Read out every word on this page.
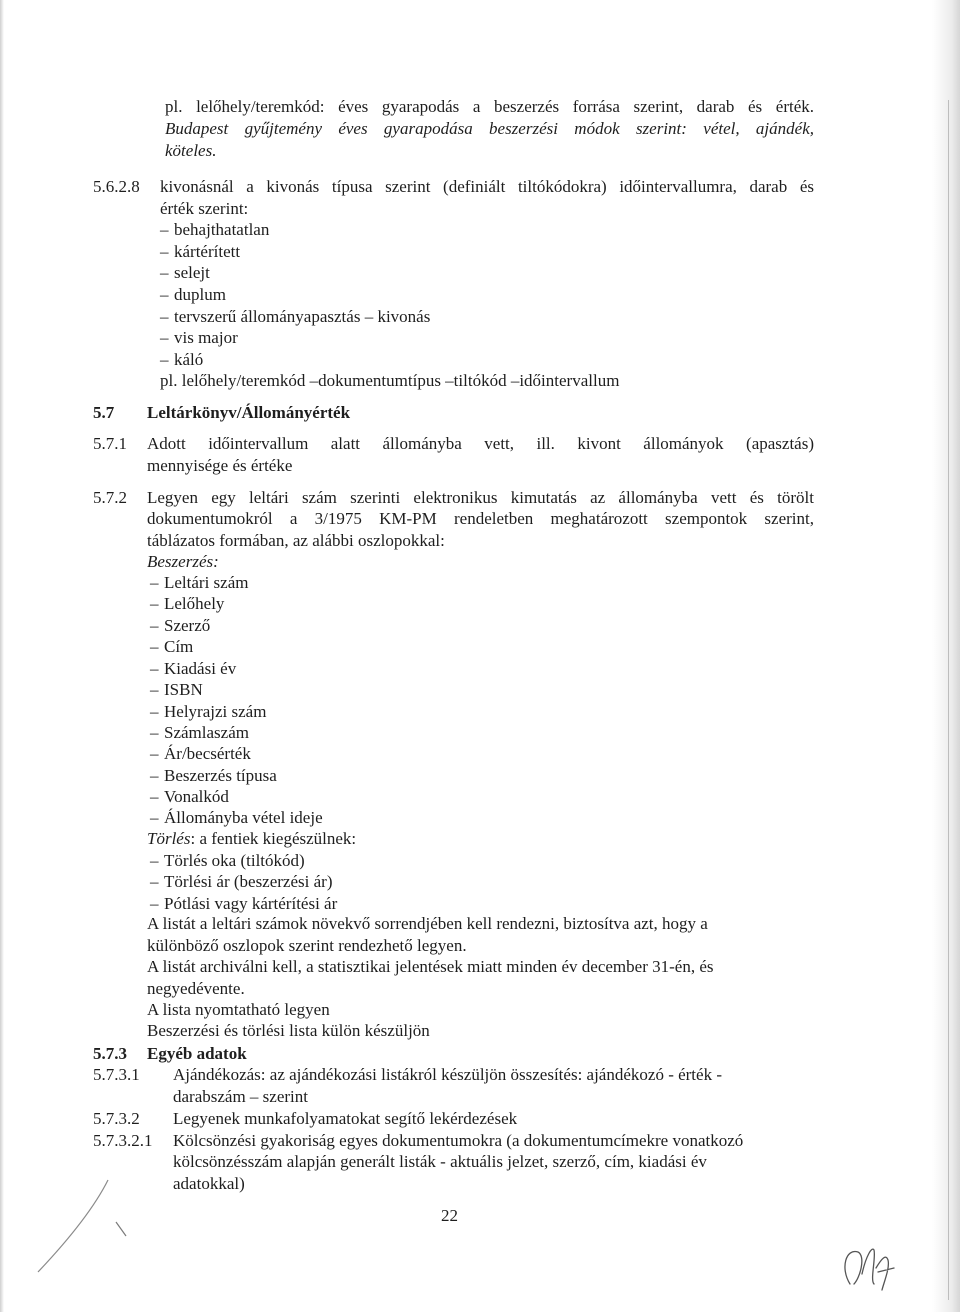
pl. lelőhely/teremkód: éves gyarapodás a beszerzés forrása szerint, darab és érték.
Budapest gyűjtemény éves gyarapodása beszerzési módok szerint: vétel, ajándék,
köteles.
5.6.2.8 kivonásnál a kivonás típusa szerint (definiált tiltókódokra) időintervallumra, darab és
érték szerint:
– behajthatatlan
– kártérített
– selejt
– duplum
– tervszerű állományapasztás – kivonás
– vis major
– káló
pl. lelőhely/teremkód –dokumentumtípus –tiltókód –időintervallum
5.7 Leltárkönyv/Állományérték
5.7.1 Adott időintervallum alatt állományba vett, ill. kivont állományok (apasztás)
mennyisége és értéke
5.7.2 Legyen egy leltári szám szerinti elektronikus kimutatás az állományba vett és törölt
dokumentumokról a 3/1975 KM-PM rendeletben meghatározott szempontok szerint,
táblázatos formában, az alábbi oszlopokkal:
Beszerzés:
– Leltári szám
– Lelőhely
– Szerző
– Cím
– Kiadási év
– ISBN
– Helyrajzi szám
– Számlaszám
– Ár/becsérték
– Beszerzés típusa
– Vonalkód
– Állományba vétel ideje
Törlés: a fentiek kiegészülnek:
– Törlés oka (tiltókód)
– Törlési ár (beszerzési ár)
– Pótlási vagy kártérítési ár
A listát a leltári számok növekvő sorrendjében kell rendezni, biztosítva azt, hogy a
különböző oszlopok szerint rendezhető legyen.
A listát archiválni kell, a statisztikai jelentések miatt minden év december 31-én, és
negyedévente.
A lista nyomtatható legyen
Beszerzési és törlési lista külön készüljön
5.7.3 Egyéb adatok
5.7.3.1 Ajándékozás: az ajándékozási listákról készüljön összesítés: ajándékozó - érték -
darabszám – szerint
5.7.3.2 Legyenek munkafolyamatokat segítő lekérdezések
5.7.3.2.1 Kölcsönzési gyakoriság egyes dokumentumokra (a dokumentumcímekre vonatkozó
kölcsönzésszám alapján generált listák - aktuális jelzet, szerző, cím, kiadási év
adatokkal)
22
